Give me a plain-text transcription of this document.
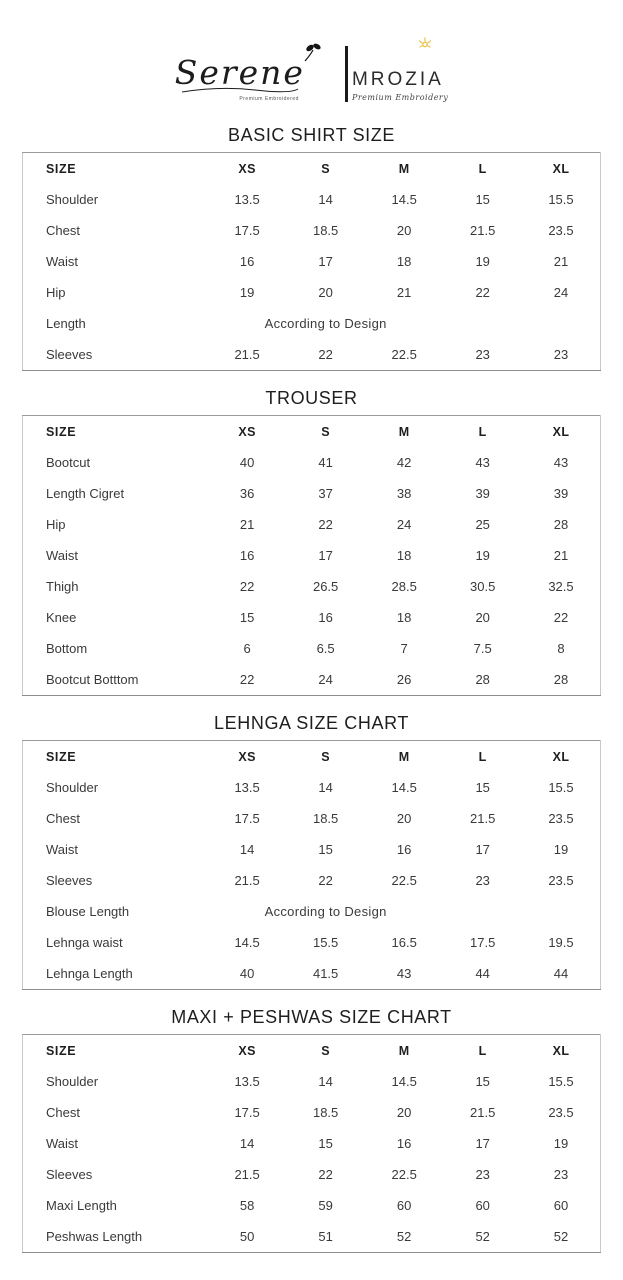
Serene
Premium Embroidered
MROZIA
Premium Embroidery
BASIC SHIRT SIZE
SIZE	XS	S	M	L	XL
Shoulder	13.5	14	14.5	15	15.5
Chest	17.5	18.5	20	21.5	23.5
Waist	16	17	18	19	21
Hip	19	20	21	22	24
Length	According to Design				
Sleeves	21.5	22	22.5	23	23
TROUSER
SIZE	XS	S	M	L	XL
Bootcut	40	41	42	43	43
Length Cigret	36	37	38	39	39
Hip	21	22	24	25	28
Waist	16	17	18	19	21
Thigh	22	26.5	28.5	30.5	32.5
Knee	15	16	18	20	22
Bottom	6	6.5	7	7.5	8
Bootcut Botttom	22	24	26	28	28
LEHNGA SIZE CHART
SIZE	XS	S	M	L	XL
Shoulder	13.5	14	14.5	15	15.5
Chest	17.5	18.5	20	21.5	23.5
Waist	14	15	16	17	19
Sleeves	21.5	22	22.5	23	23.5
Blouse Length	According to Design				
Lehnga waist	14.5	15.5	16.5	17.5	19.5
Lehnga Length	40	41.5	43	44	44
MAXI + PESHWAS SIZE CHART
SIZE	XS	S	M	L	XL
Shoulder	13.5	14	14.5	15	15.5
Chest	17.5	18.5	20	21.5	23.5
Waist	14	15	16	17	19
Sleeves	21.5	22	22.5	23	23
Maxi Length	58	59	60	60	60
Peshwas Length	50	51	52	52	52
